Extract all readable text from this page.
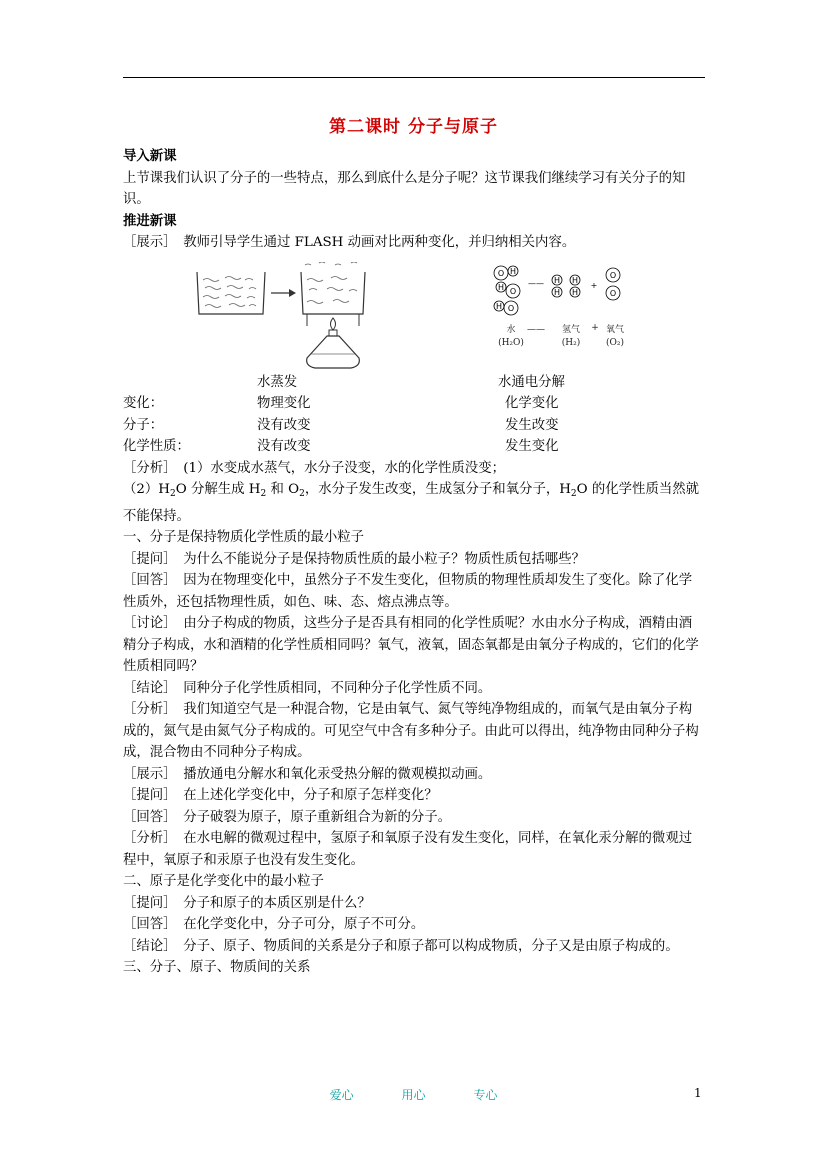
第二课时 分子与原子

导入新课

上节课我们认识了分子的一些特点，那么到底什么是分子呢？这节课我们继续学习有关分子的知识。

推进新课

［展示］　教师引导学生通过 FLASH 动画对比两种变化，并归纳相关内容。

O H
O
H
O
H
H
H
H
H
O
O
——	+
水
(H₂O)
—— 氢气
(H₂)
+ 氧气
(O₂)
水蒸发	水通电分解
变化：	物理变化	化学变化
分子：	没有改变	发生改变
化学性质：	没有改变	发生变化

［分析］　(1）水变成水蒸气，水分子没变，水的化学性质没变；

$(2)H_2O$ 分解生成 $H_2$ 和 $O_2$，水分子发生改变，生成氢分子和氧分子，$H_2O$ 的化学性质当然就不能保持。

一、分子是保持物质化学性质的最小粒子

［提问］　为什么不能说分子是保持物质性质的最小粒子？物质性质包括哪些？

［回答］　因为在物理变化中，虽然分子不发生变化，但物质的物理性质却发生了变化。除了化学性质外，还包括物理性质，如色、味、态、熔点沸点等。

［讨论］　由分子构成的物质，这些分子是否具有相同的化学性质呢？水由水分子构成，酒精由酒精分子构成，水和酒精的化学性质相同吗？氧气，液氧，固态氧都是由氧分子构成的，它们的化学性质相同吗？

［结论］　同种分子化学性质相同，不同种分子化学性质不同。

［分析］　我们知道空气是一种混合物，它是由氧气、氮气等纯净物组成的，而氧气是由氧分子构成的，氮气是由氮气分子构成的。可见空气中含有多种分子。由此可以得出，纯净物由同种分子构成，混合物由不同种分子构成。

［展示］　播放通电分解水和氧化汞受热分解的微观模拟动画。

［提问］　在上述化学变化中，分子和原子怎样变化？

［回答］　分子破裂为原子，原子重新组合为新的分子。

［分析］　在水电解的微观过程中，氢原子和氧原子没有发生变化，同样，在氧化汞分解的微观过程中，氧原子和汞原子也没有发生变化。

二、原子是化学变化中的最小粒子

［提问］　分子和原子的本质区别是什么？

［回答］　在化学变化中，分子可分，原子不可分。

［结论］　分子、原子、物质间的关系是分子和原子都可以构成物质，分子又是由原子构成的。

三、分子、原子、物质间的关系

爱心	用心	专心	1
